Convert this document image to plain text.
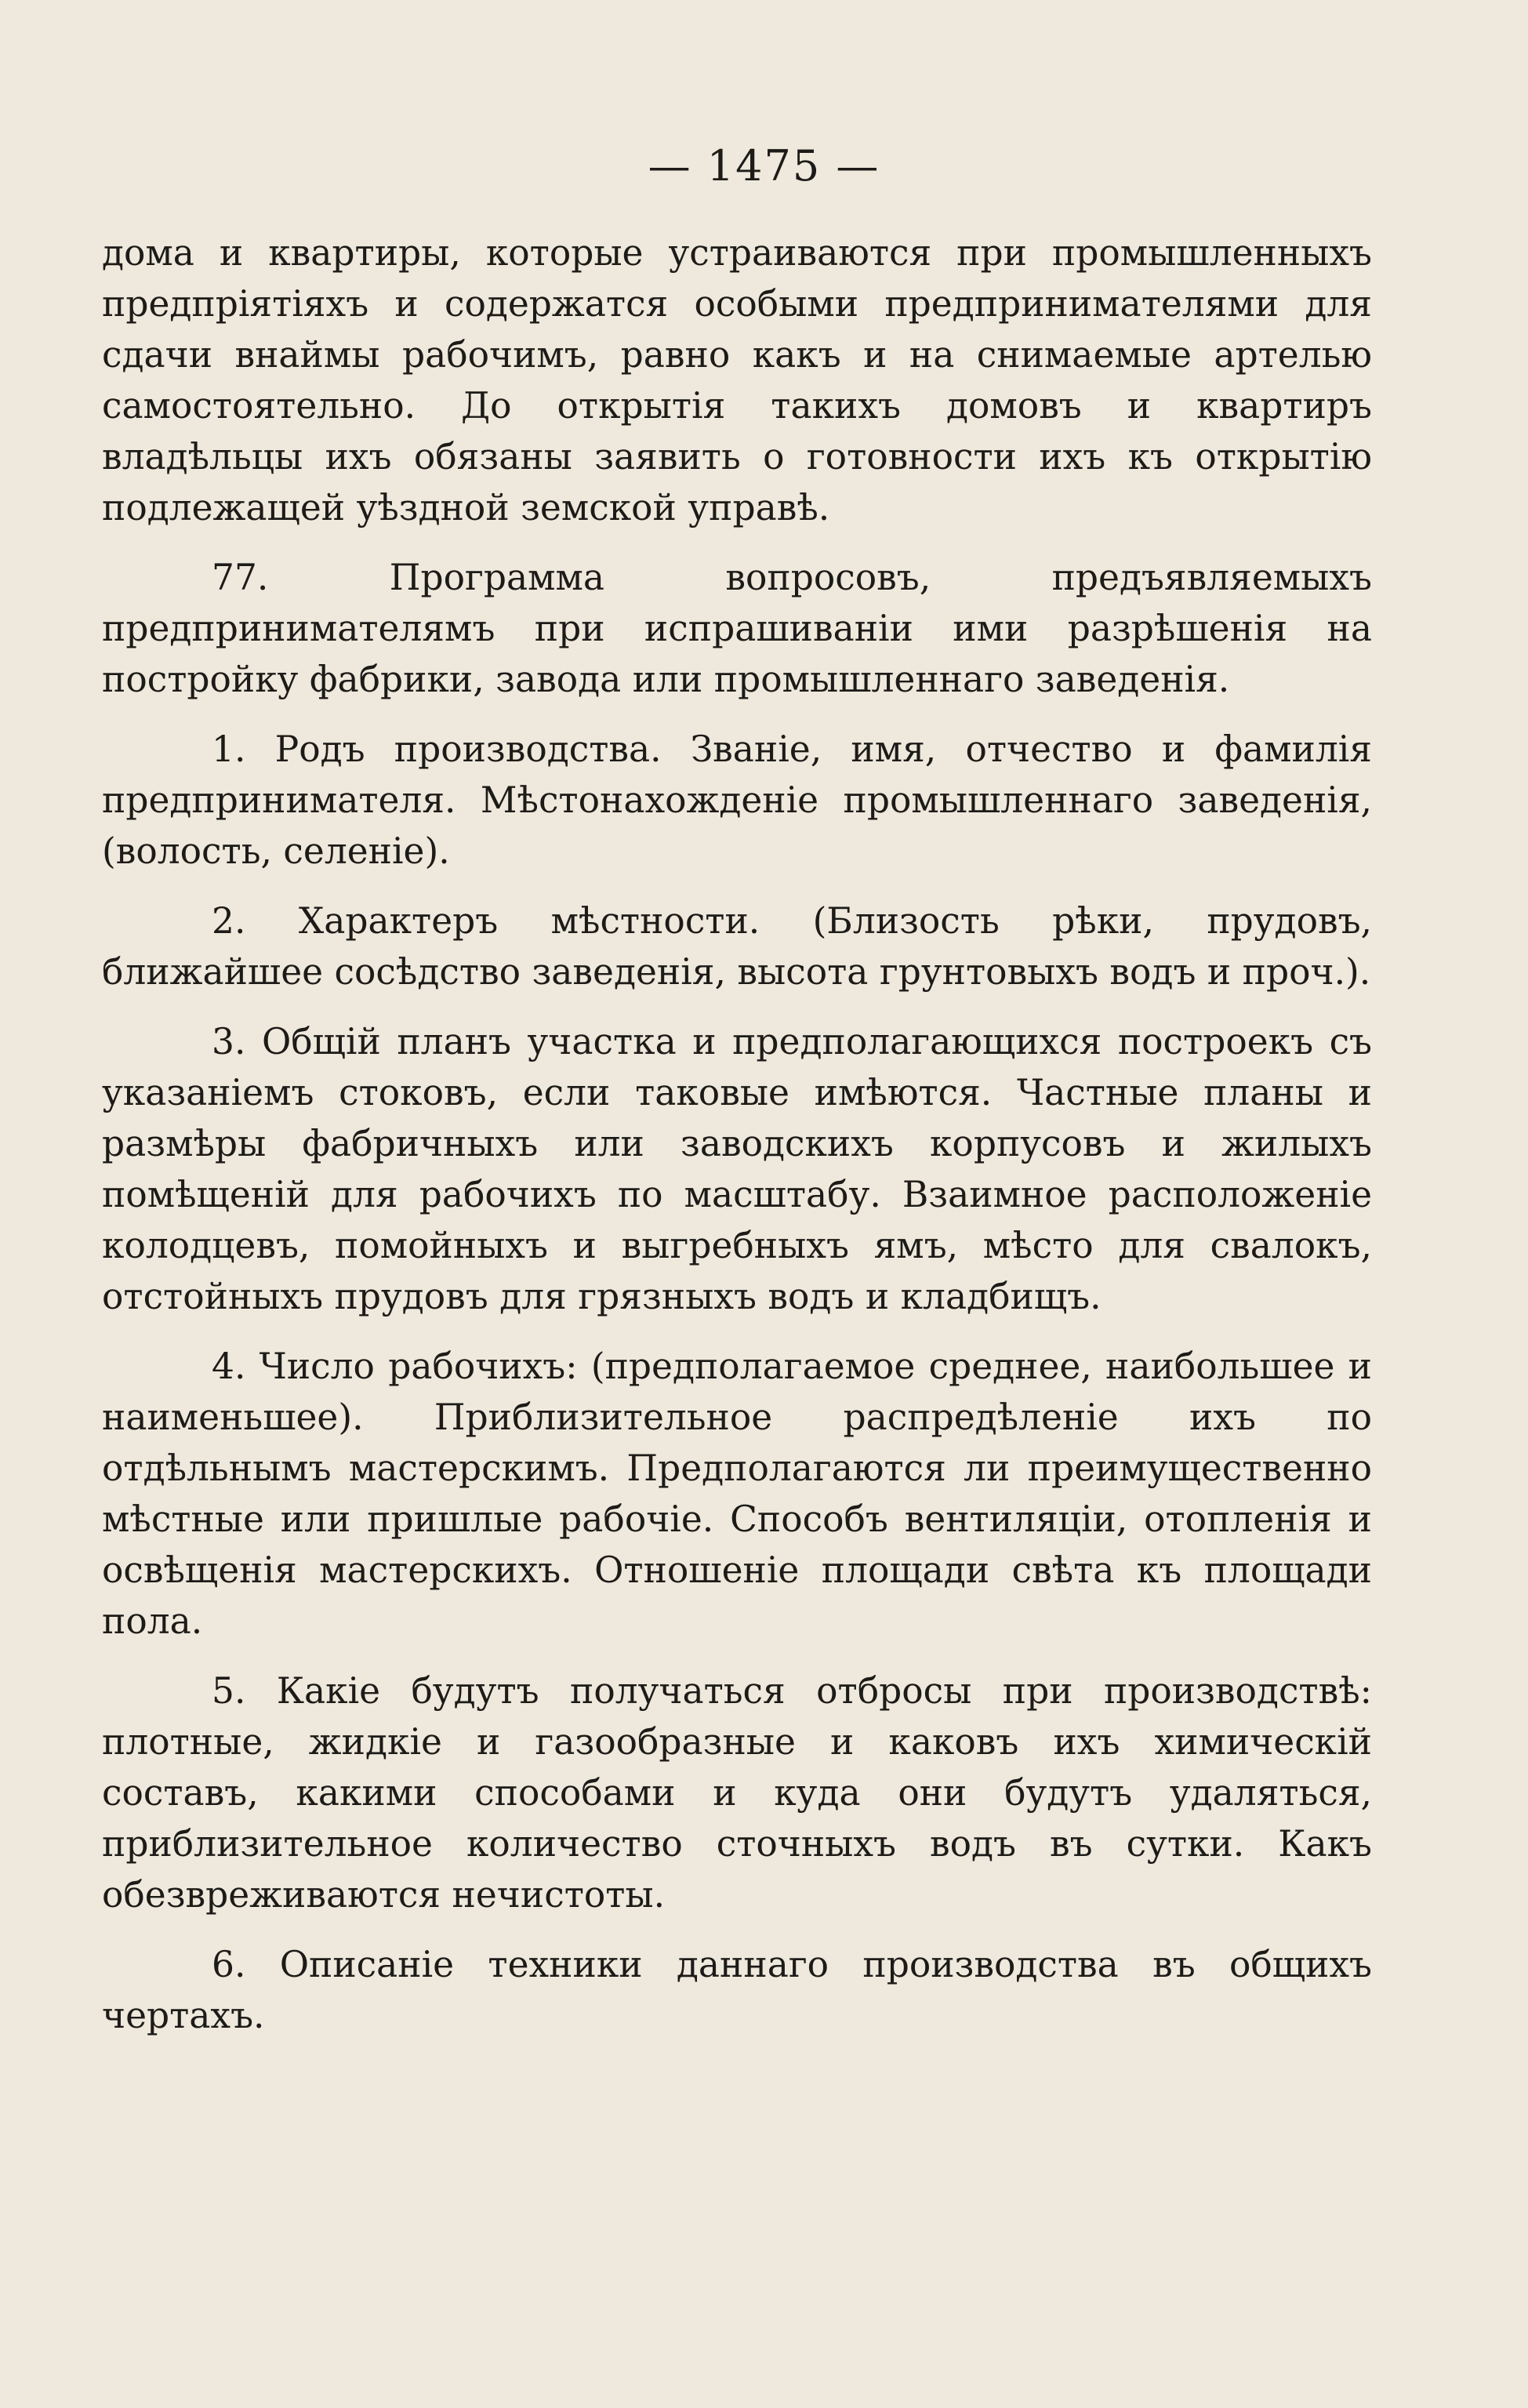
— 1475 —

дома и квартиры, которые устраиваются при промышленныхъ предпріятіяхъ и содержатся особыми предпринимателями для сдачи внаймы рабочимъ, равно какъ и на снимаемые артелью самостоятельно. До открытія такихъ домовъ и квартиръ владѣльцы ихъ обязаны заявить о готовности ихъ къ открытію подлежащей уѣздной земской управѣ.

77. Программа вопросовъ, предъявляемыхъ предпринимателямъ при испрашиваніи ими разрѣшенія на постройку фабрики, завода или промышленнаго заведенія.

1. Родъ производства. Званіе, имя, отчество и фамилія предпринимателя. Мѣстонахожденіе промышленнаго заведенія, (волость, селеніе).

2. Характеръ мѣстности. (Близость рѣки, прудовъ, ближайшее сосѣдство заведенія, высота грунтовыхъ водъ и проч.).

3. Общій планъ участка и предполагающихся построекъ съ указаніемъ стоковъ, если таковые имѣются. Частные планы и размѣры фабричныхъ или заводскихъ корпусовъ и жилыхъ помѣщеній для рабочихъ по масштабу. Взаимное расположеніе колодцевъ, помойныхъ и выгребныхъ ямъ, мѣсто для свалокъ, отстойныхъ прудовъ для грязныхъ водъ и кладбищъ.

4. Число рабочихъ: (предполагаемое среднее, наибольшее и наименьшее). Приблизительное распредѣленіе ихъ по отдѣльнымъ мастерскимъ. Предполагаются ли преимущественно мѣстные или пришлые рабочіе. Способъ вентиляціи, отопленія и освѣщенія мастерскихъ. Отношеніе площади свѣта къ площади пола.

5. Какіе будутъ получаться отбросы при производствѣ: плотные, жидкіе и газообразные и каковъ ихъ химическій составъ, какими способами и куда они будутъ удаляться, приблизительное количество сточныхъ водъ въ сутки. Какъ обезвреживаются нечистоты.

6. Описаніе техники даннаго производства въ общихъ чертахъ.
